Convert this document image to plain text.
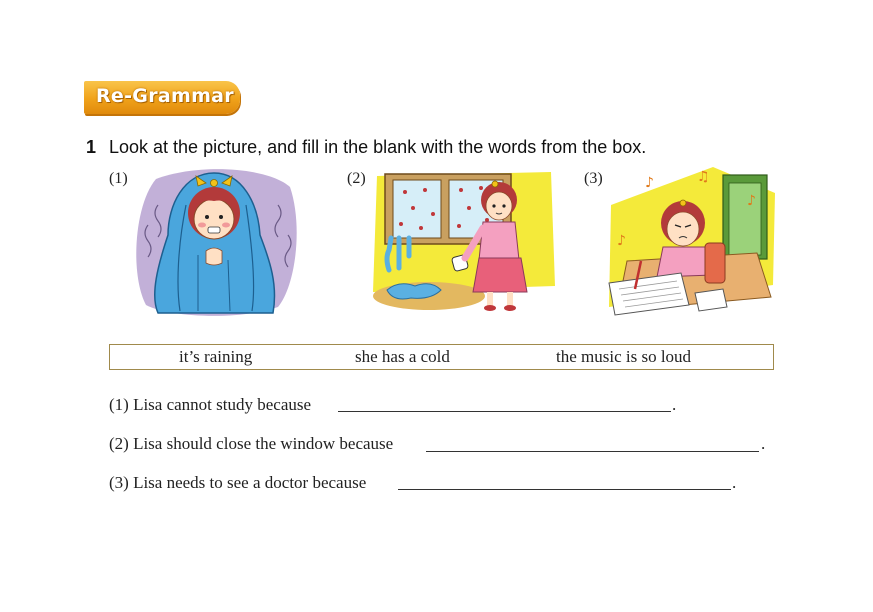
Re-Grammar
1 Look at the picture, and fill in the blank with the words from the box.
(1)	(2)	(3)	♪	♫
♪
♪
it’s raining	she has a cold	the music is so loud
(1) Lisa cannot study because	.
(2) Lisa should close the window because	.
(3) Lisa needs to see a doctor because	.
